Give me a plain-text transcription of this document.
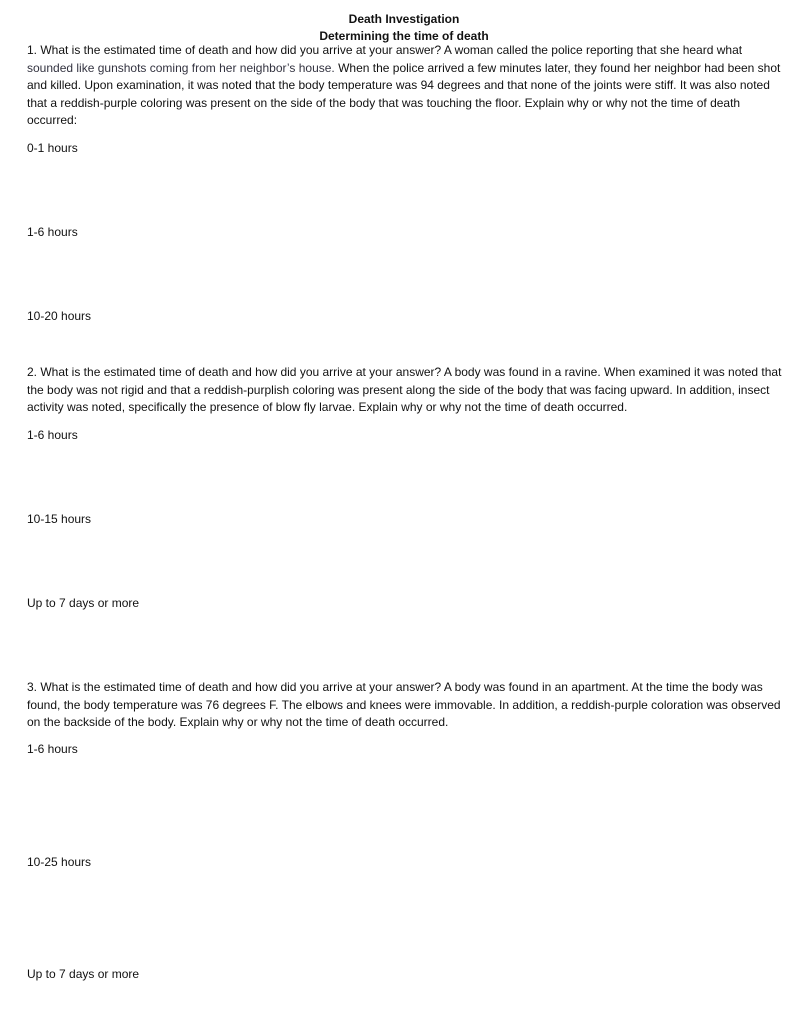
Death Investigation
Determining the time of death

1. What is the estimated time of death and how did you arrive at your answer? A woman called the police reporting that she heard what sounded like gunshots coming from her neighbor’s house. When the police arrived a few minutes later, they found her neighbor had been shot and killed. Upon examination, it was noted that the body temperature was 94 degrees and that none of the joints were stiff. It was also noted that a reddish-purple coloring was present on the side of the body that was touching the floor. Explain why or why not the time of death occurred:

0-1 hours

1-6 hours

10-20 hours

2. What is the estimated time of death and how did you arrive at your answer? A body was found in a ravine. When examined it was noted that the body was not rigid and that a reddish-purplish coloring was present along the side of the body that was facing upward. In addition, insect activity was noted, specifically the presence of blow fly larvae. Explain why or why not the time of death occurred.

1-6 hours

10-15 hours

Up to 7 days or more

3. What is the estimated time of death and how did you arrive at your answer? A body was found in an apartment. At the time the body was found, the body temperature was 76 degrees F. The elbows and knees were immovable. In addition, a reddish-purple coloration was observed on the backside of the body. Explain why or why not the time of death occurred.

1-6 hours

10-25 hours

Up to 7 days or more
